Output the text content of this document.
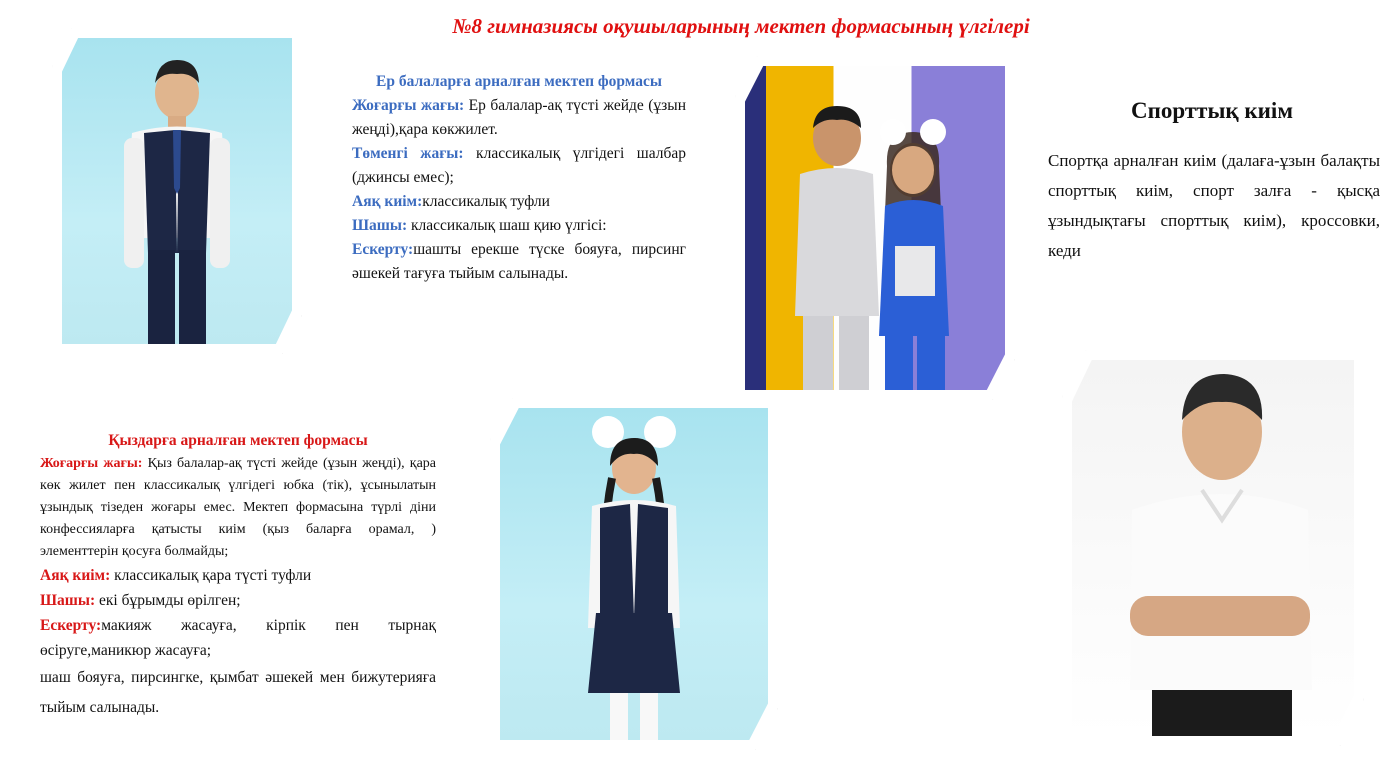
№8 гимназиясы оқушыларының мектеп формасының үлгілері

Ер балаларға арналған мектеп формасы

Жоғарғы жағы: Ер балалар-ақ түсті жейде (ұзын жеңді),қара көкжилет.

Төменгі жағы: классикалық үлгідегі шалбар (джинсы емес);

Аяқ киім:классикалық туфли

Шашы: классикалық шаш қию үлгісі:

Ескерту:шашты ерекше түске бояуға, пирсинг әшекей тағуға тыйым салынады.

Спорттық киім
Спортқа арналған киім (далаға-ұзын балақты спорттық киім, спорт залға - қысқа ұзындықтағы спорттық киім), кроссовки, кеди

Қыздарға арналған мектеп формасы

Жоғарғы жағы: Қыз балалар-ақ түсті жейде (ұзын жеңді), қара көк жилет пен классикалық үлгідегі юбка (тік), ұсынылатын ұзындық тізеден жоғары емес. Мектеп формасына түрлі діни конфессияларға қатысты киім (қыз баларға орамал, ) элементтерін қосуға болмайды;

Аяқ киім: классикалық қара түсті туфли

Шашы: екі бұрымды өрілген;

Ескерту:макияж жасауға, кірпік пен тырнақ өсіруге,маникюр жасауға;

шаш бояуға, пирсингке, қымбат әшекей мен бижутерияға тыйым салынады.
